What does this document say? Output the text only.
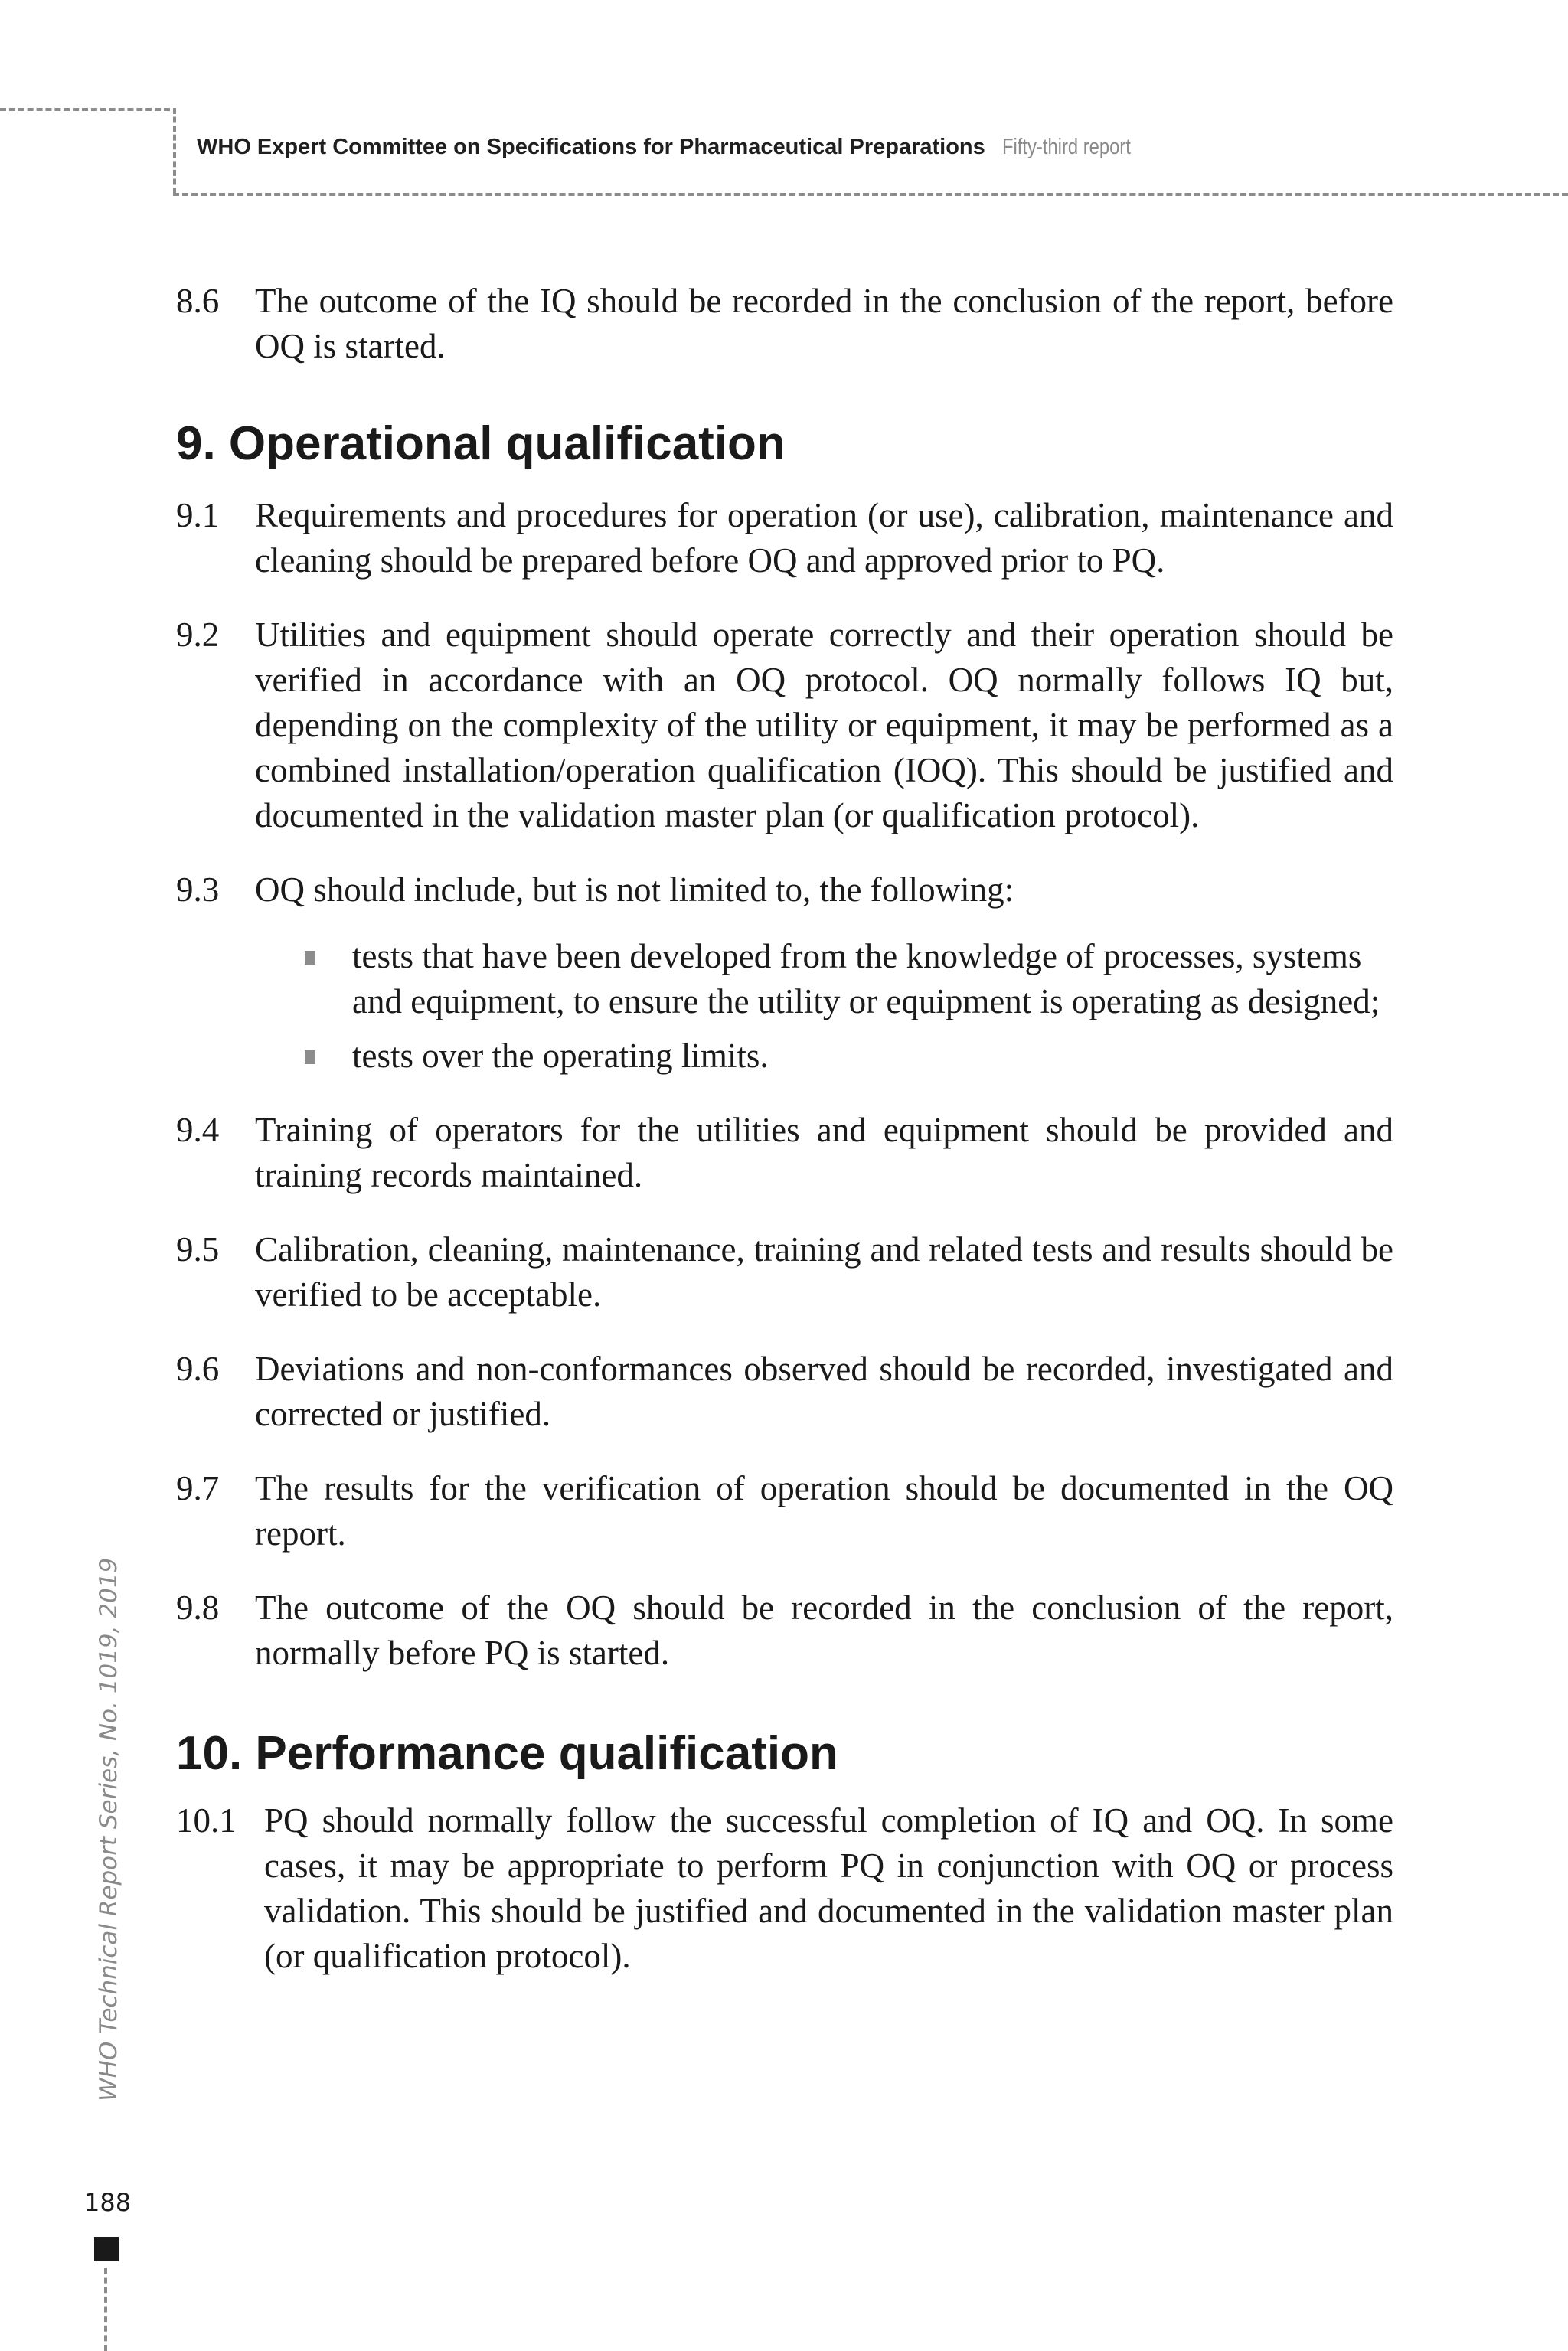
WHO Expert Committee on Specifications for Pharmaceutical Preparations Fifty-third report
WHO Technical Report Series, No. 1019, 2019
188
8.6 The outcome of the IQ should be recorded in the conclusion of the report, before OQ is started.
9. Operational qualification
9.1 Requirements and procedures for operation (or use), calibration, maintenance and cleaning should be prepared before OQ and approved prior to PQ.
9.2 Utilities and equipment should operate correctly and their operation should be verified in accordance with an OQ protocol. OQ normally follows IQ but, depending on the complexity of the utility or equipment, it may be performed as a combined installation/operation qualification (IOQ). This should be justified and documented in the validation master plan (or qualification protocol).
9.3 OQ should include, but is not limited to, the following:
tests that have been developed from the knowledge of processes, systems and equipment, to ensure the utility or equipment is operating as designed;
tests over the operating limits.
9.4 Training of operators for the utilities and equipment should be provided and training records maintained.
9.5 Calibration, cleaning, maintenance, training and related tests and results should be verified to be acceptable.
9.6 Deviations and non-conformances observed should be recorded, investigated and corrected or justified.
9.7 The results for the verification of operation should be documented in the OQ report.
9.8 The outcome of the OQ should be recorded in the conclusion of the report, normally before PQ is started.
10. Performance qualification
10.1 PQ should normally follow the successful completion of IQ and OQ. In some cases, it may be appropriate to perform PQ in conjunction with OQ or process validation. This should be justified and documented in the validation master plan (or qualification protocol).
